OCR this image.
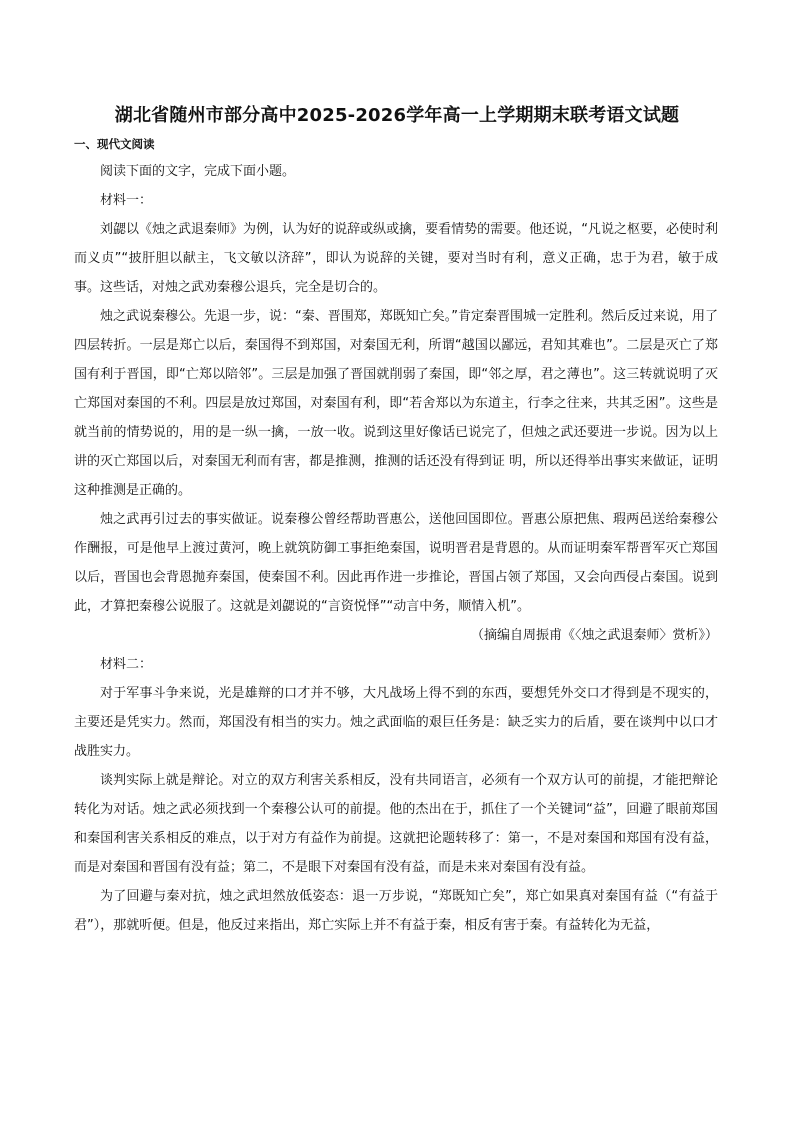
湖北省随州市部分高中2025-2026学年高一上学期期末联考语文试题
一、现代文阅读

阅读下面的文字，完成下面小题。

材料一：

刘勰以《烛之武退秦师》为例，认为好的说辞或纵或擒，要看情势的需要。他还说，“凡说之枢要，必使时利而义贞”“披肝胆以献主，飞文敏以济辞”，即认为说辞的关键，要对当时有利，意义正确，忠于为君，敏于成事。这些话，对烛之武劝秦穆公退兵，完全是切合的。

烛之武说秦穆公。先退一步，说：“秦、晋围郑，郑既知亡矣。”肯定秦晋围城一定胜利。然后反过来说，用了四层转折。一层是郑亡以后，秦国得不到郑国，对秦国无利，所谓“越国以鄙远，君知其难也”。二层是灭亡了郑国有利于晋国，即“亡郑以陪邻”。三层是加强了晋国就削弱了秦国，即“邻之厚，君之薄也”。这三转就说明了灭亡郑国对秦国的不利。四层是放过郑国，对秦国有利，即“若舍郑以为东道主，行李之往来，共其乏困”。这些是就当前的情势说的，用的是一纵一擒，一放一收。说到这里好像话已说完了，但烛之武还要进一步说。因为以上讲的灭亡郑国以后，对秦国无利而有害，都是推测，推测的话还没有得到证 明，所以还得举出事实来做证，证明这种推测是正确的。

烛之武再引过去的事实做证。说秦穆公曾经帮助晋惠公，送他回国即位。晋惠公原把焦、瑕两邑送给秦穆公作酬报，可是他早上渡过黄河，晚上就筑防御工事拒绝秦国，说明晋君是背恩的。从而证明秦军帮晋军灭亡郑国以后，晋国也会背恩抛弃秦国，使秦国不利。因此再作进一步推论，晋国占领了郑国，又会向西侵占秦国。说到此，才算把秦穆公说服了。这就是刘勰说的“言资悦怿”“动言中务，顺情入机”。

（摘编自周振甫《〈烛之武退秦师〉赏析》）

材料二：

对于军事斗争来说，光是雄辩的口才并不够，大凡战场上得不到的东西，要想凭外交口才得到是不现实的，主要还是凭实力。然而，郑国没有相当的实力。烛之武面临的艰巨任务是：缺乏实力的后盾，要在谈判中以口才战胜实力。

谈判实际上就是辩论。对立的双方利害关系相反，没有共同语言，必须有一个双方认可的前提，才能把辩论转化为对话。烛之武必须找到一个秦穆公认可的前提。他的杰出在于，抓住了一个关键词“益”，回避了眼前郑国和秦国利害关系相反的难点，以于对方有益作为前提。这就把论题转移了：第一，不是对秦国和郑国有没有益，而是对秦国和晋国有没有益；第二，不是眼下对秦国有没有益，而是未来对秦国有没有益。

为了回避与秦对抗，烛之武坦然放低姿态：退一万步说，“郑既知亡矣”，郑亡如果真对秦国有益（“有益于君”），那就听便。但是，他反过来指出，郑亡实际上并不有益于秦，相反有害于秦。有益转化为无益，
